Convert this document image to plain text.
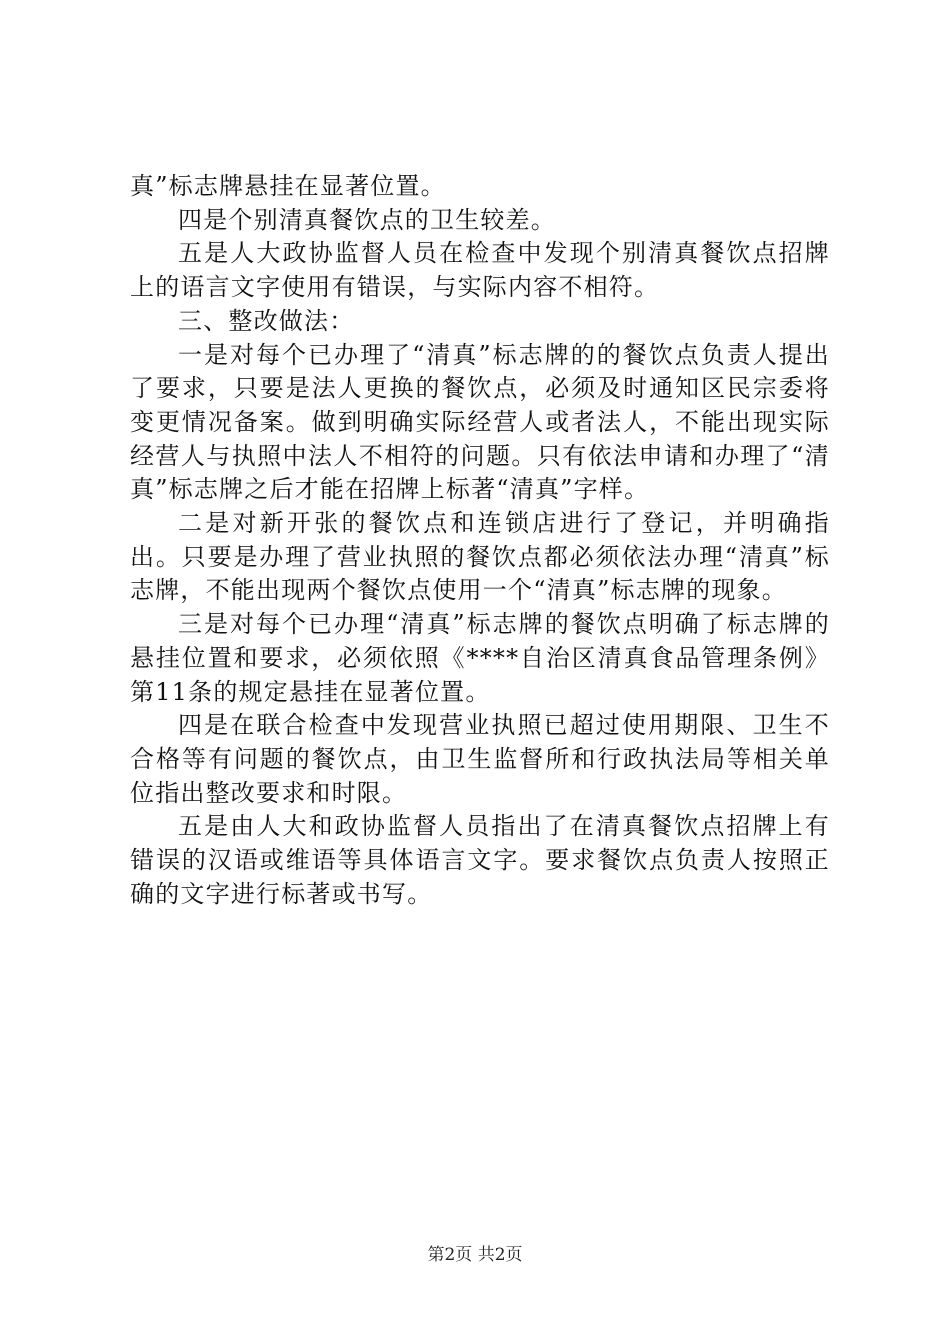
真”标志牌悬挂在显著位置。

四是个别清真餐饮点的卫生较差。

五是人大政协监督人员在检查中发现个别清真餐饮点招牌上的语言文字使用有错误，与实际内容不相符。

三、整改做法：

一是对每个已办理了“清真”标志牌的的餐饮点负责人提出了要求，只要是法人更换的餐饮点，必须及时通知区民宗委将变更情况备案。做到明确实际经营人或者法人，不能出现实际经营人与执照中法人不相符的问题。只有依法申请和办理了“清真”标志牌之后才能在招牌上标著“清真”字样。

二是对新开张的餐饮点和连锁店进行了登记，并明确指出。只要是办理了营业执照的餐饮点都必须依法办理“清真”标志牌，不能出现两个餐饮点使用一个“清真”标志牌的现象。

三是对每个已办理“清真”标志牌的餐饮点明确了标志牌的悬挂位置和要求，必须依照《****自治区清真食品管理条例》第11条的规定悬挂在显著位置。

四是在联合检查中发现营业执照已超过使用期限、卫生不合格等有问题的餐饮点，由卫生监督所和行政执法局等相关单位指出整改要求和时限。

五是由人大和政协监督人员指出了在清真餐饮点招牌上有错误的汉语或维语等具体语言文字。要求餐饮点负责人按照正确的文字进行标著或书写。

第2页 共2页
